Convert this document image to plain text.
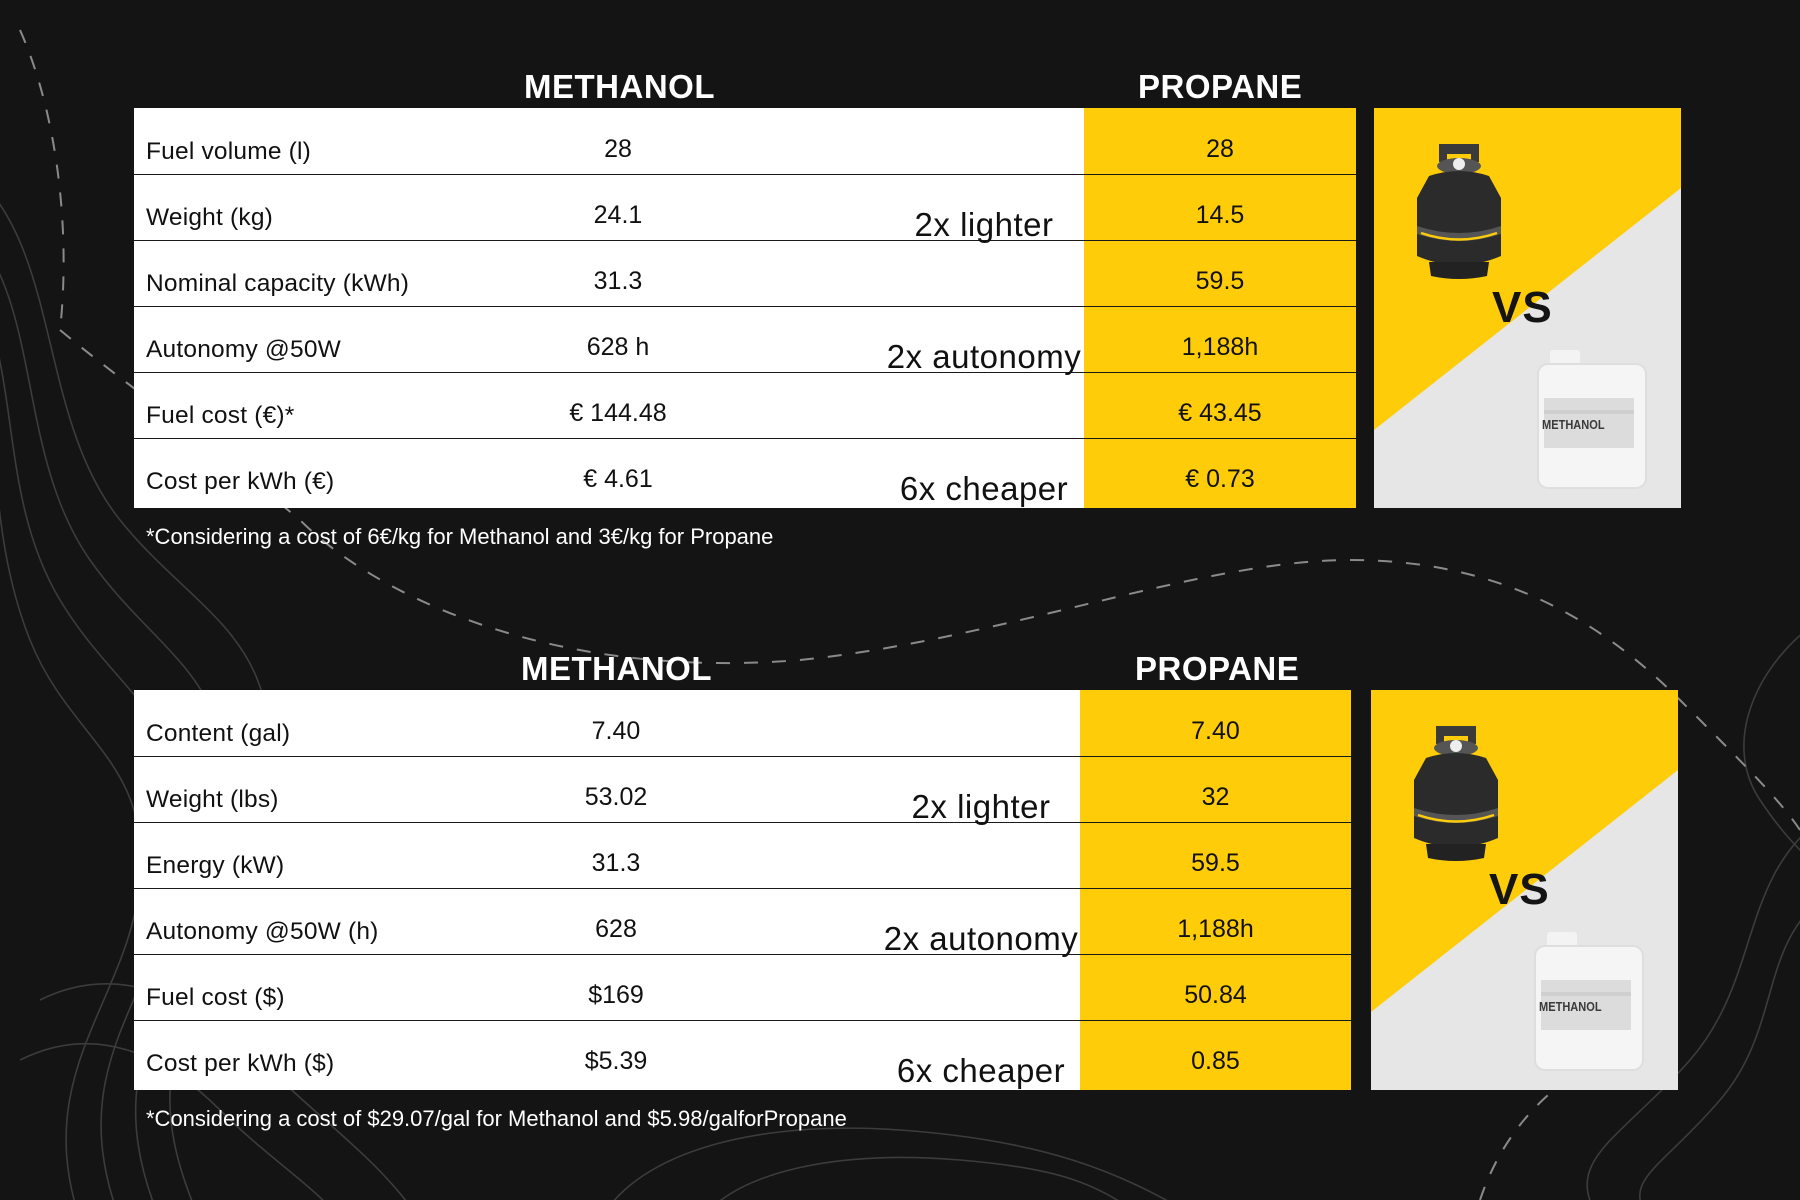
METHANOL	PROPANE
Fuel volume (l)	28	28
Weight (kg)	24.1	14.5
Nominal capacity (kWh)	31.3	59.5
Autonomy @50W	628 h	1,188h
Fuel cost (€)*	€ 144.48	€ 43.45
Cost per kWh (€)	€ 4.61	€ 0.73
2x lighter
2x autonomy
6x cheaper
*Considering a cost of 6€/kg for Methanol and 3€/kg for Propane
VS
METHANOL
METHANOL	PROPANE
Content (gal)	7.40	7.40
Weight (lbs)	53.02	32
Energy (kW)	31.3	59.5
Autonomy @50W (h)	628	1,188h
Fuel cost ($)	$169	50.84
Cost per kWh ($)	$5.39	0.85
2x lighter
2x autonomy
6x cheaper
*Considering a cost of $29.07/gal for Methanol and $5.98/galforPropane
VS
METHANOL
